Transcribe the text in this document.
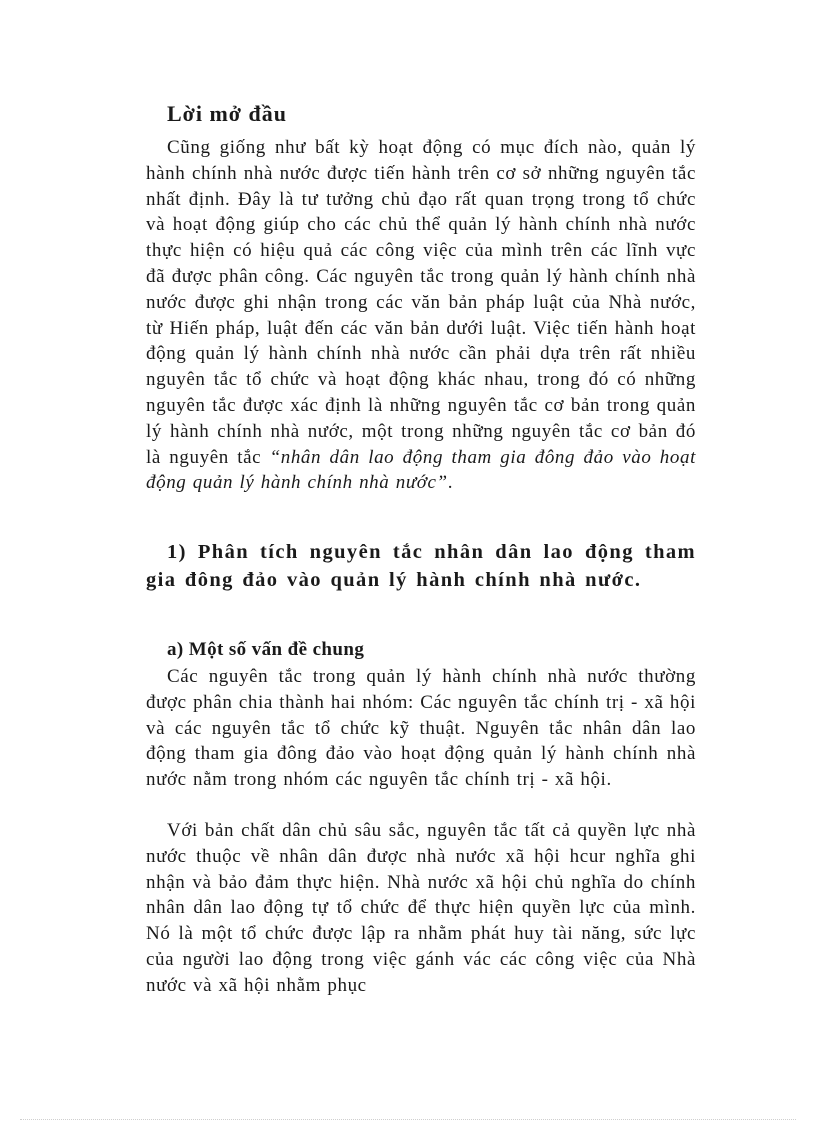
Lời mở đầu

Cũng giống như bất kỳ hoạt động có mục đích nào, quản lý hành chính nhà nước được tiến hành trên cơ sở những nguyên tắc nhất định. Đây là tư tưởng chủ đạo rất quan trọng trong tổ chức và hoạt động giúp cho các chủ thể quản lý hành chính nhà nước thực hiện có hiệu quả các công việc của mình trên các lĩnh vực đã được phân công. Các nguyên tắc trong quản lý hành chính nhà nước được ghi nhận trong các văn bản pháp luật của Nhà nước, từ Hiến pháp, luật đến các văn bản dưới luật. Việc tiến hành hoạt động quản lý hành chính nhà nước cần phải dựa trên rất nhiều nguyên tắc tổ chức và hoạt động khác nhau, trong đó có những nguyên tắc được xác định là những nguyên tắc cơ bản trong quản lý hành chính nhà nước, một trong những nguyên tắc cơ bản đó là nguyên tắc “nhân dân lao động tham gia đông đảo vào hoạt động quản lý hành chính nhà nước”.

1) Phân tích nguyên tắc nhân dân lao động tham gia đông đảo vào quản lý hành chính nhà nước.
a) Một số vấn đề chung

Các nguyên tắc trong quản lý hành chính nhà nước thường được phân chia thành hai nhóm: Các nguyên tắc chính trị - xã hội và các nguyên tắc tổ chức kỹ thuật. Nguyên tắc nhân dân lao động tham gia đông đảo vào hoạt động quản lý hành chính nhà nước nằm trong nhóm các nguyên tắc chính trị - xã hội.

Với bản chất dân chủ sâu sắc, nguyên tắc tất cả quyền lực nhà nước thuộc về nhân dân được nhà nước xã hội hcur nghĩa ghi nhận và bảo đảm thực hiện. Nhà nước xã hội chủ nghĩa do chính nhân dân lao động tự tổ chức để thực hiện quyền lực của mình. Nó là một tổ chức được lập ra nhằm phát huy tài năng, sức lực của người lao động trong việc gánh vác các công việc của Nhà nước và xã hội nhằm phục
